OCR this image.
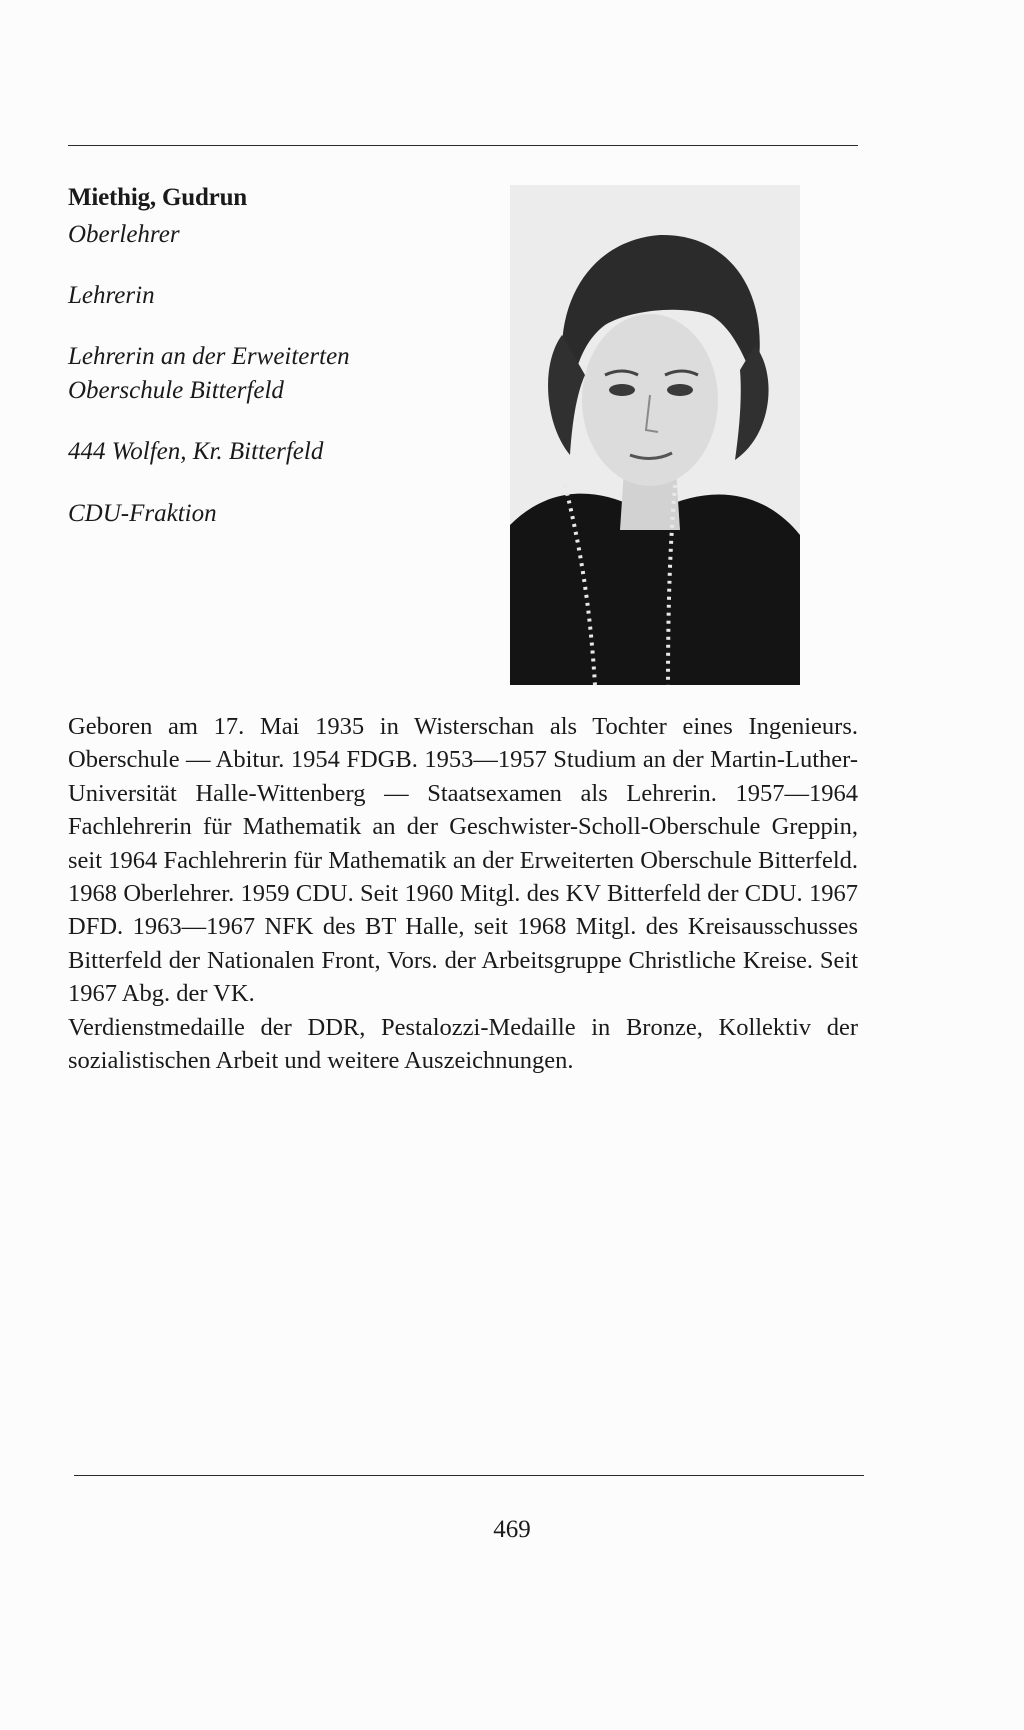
Miethig, Gudrun
Oberlehrer
Lehrerin
Lehrerin an der Erweiterten Oberschule Bitterfeld
444 Wolfen, Kr. Bitterfeld
CDU-Fraktion

Geboren am 17. Mai 1935 in Wisterschan als Tochter eines Ingenieurs. Oberschule — Abitur. 1954 FDGB. 1953—1957 Studium an der Martin-Luther-Universität Halle-Wittenberg — Staatsexamen als Lehrerin. 1957—1964 Fachlehrerin für Mathematik an der Geschwister-Scholl-Oberschule Greppin, seit 1964 Fachlehrerin für Mathematik an der Erweiterten Oberschule Bitterfeld. 1968 Oberlehrer. 1959 CDU. Seit 1960 Mitgl. des KV Bitterfeld der CDU. 1967 DFD. 1963—1967 NFK des BT Halle, seit 1968 Mitgl. des Kreisausschusses Bitterfeld der Nationalen Front, Vors. der Arbeitsgruppe Christliche Kreise. Seit 1967 Abg. der VK.

Verdienstmedaille der DDR, Pestalozzi-Medaille in Bronze, Kollektiv der sozialistischen Arbeit und weitere Auszeichnungen.

469
